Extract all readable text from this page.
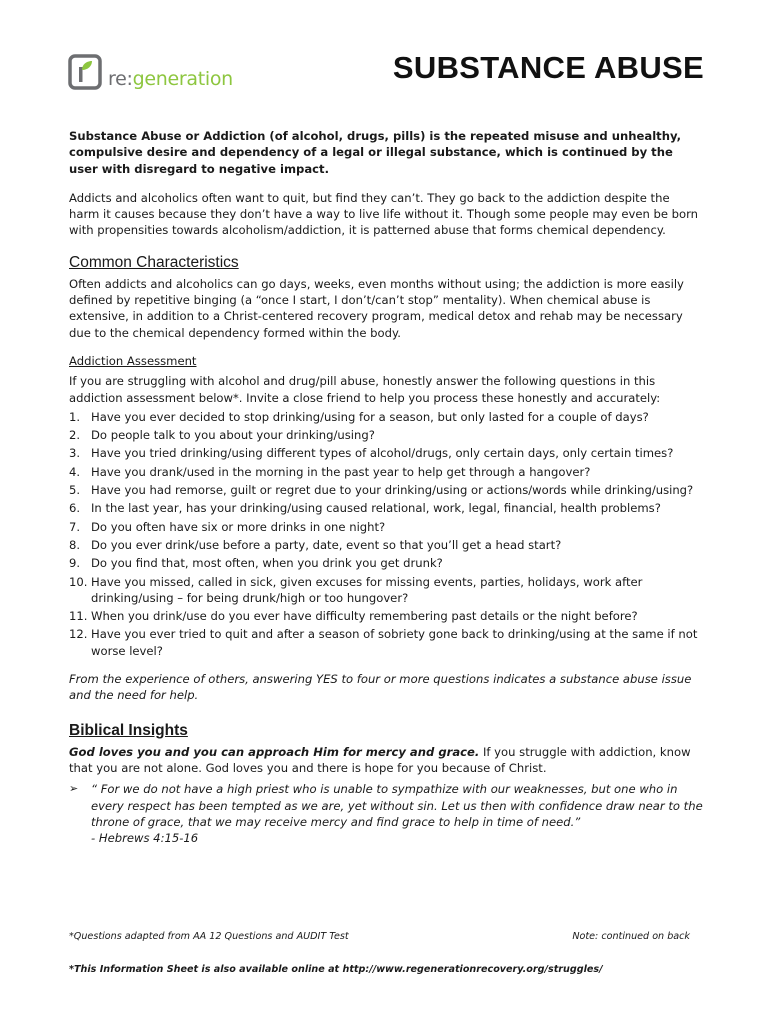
re:generation	SUBSTANCE ABUSE

Substance Abuse or Addiction (of alcohol, drugs, pills) is the repeated misuse and unhealthy, compulsive desire and dependency of a legal or illegal substance, which is continued by the user with disregard to negative impact.

Addicts and alcoholics often want to quit, but find they can’t. They go back to the addiction despite the harm it causes because they don’t have a way to live life without it. Though some people may even be born with propensities towards alcoholism/addiction, it is patterned abuse that forms chemical dependency.

Common Characteristics

Often addicts and alcoholics can go days, weeks, even months without using; the addiction is more easily defined by repetitive binging (a “once I start, I don’t/can’t stop” mentality). When chemical abuse is extensive, in addition to a Christ-centered recovery program, medical detox and rehab may be necessary due to the chemical dependency formed within the body.

Addiction Assessment

If you are struggling with alcohol and drug/pill abuse, honestly answer the following questions in this addiction assessment below*. Invite a close friend to help you process these honestly and accurately:

1. Have you ever decided to stop drinking/using for a season, but only lasted for a couple of days?
2. Do people talk to you about your drinking/using?
3. Have you tried drinking/using different types of alcohol/drugs, only certain days, only certain times?
4. Have you drank/used in the morning in the past year to help get through a hangover?
5. Have you had remorse, guilt or regret due to your drinking/using or actions/words while drinking/using?
6. In the last year, has your drinking/using caused relational, work, legal, financial, health problems?
7. Do you often have six or more drinks in one night?
8. Do you ever drink/use before a party, date, event so that you’ll get a head start?
9. Do you find that, most often, when you drink you get drunk?
10. Have you missed, called in sick, given excuses for missing events, parties, holidays, work after drinking/using – for being drunk/high or too hungover?
11. When you drink/use do you ever have difficulty remembering past details or the night before?
12. Have you ever tried to quit and after a season of sobriety gone back to drinking/using at the same if not worse level?

From the experience of others, answering YES to four or more questions indicates a substance abuse issue and the need for help.

Biblical Insights

God loves you and you can approach Him for mercy and grace. If you struggle with addiction, know that you are not alone. God loves you and there is hope for you because of Christ.

➢	“ For we do not have a high priest who is unable to sympathize with our weaknesses, but one who in every respect has been tempted as we are, yet without sin. Let us then with confidence draw near to the throne of grace, that we may receive mercy and find grace to help in time of need.”

- Hebrews 4:15-16

*Questions adapted from AA 12 Questions and AUDIT Test	Note: continued on back
*This Information Sheet is also available online at http://www.regenerationrecovery.org/struggles/
